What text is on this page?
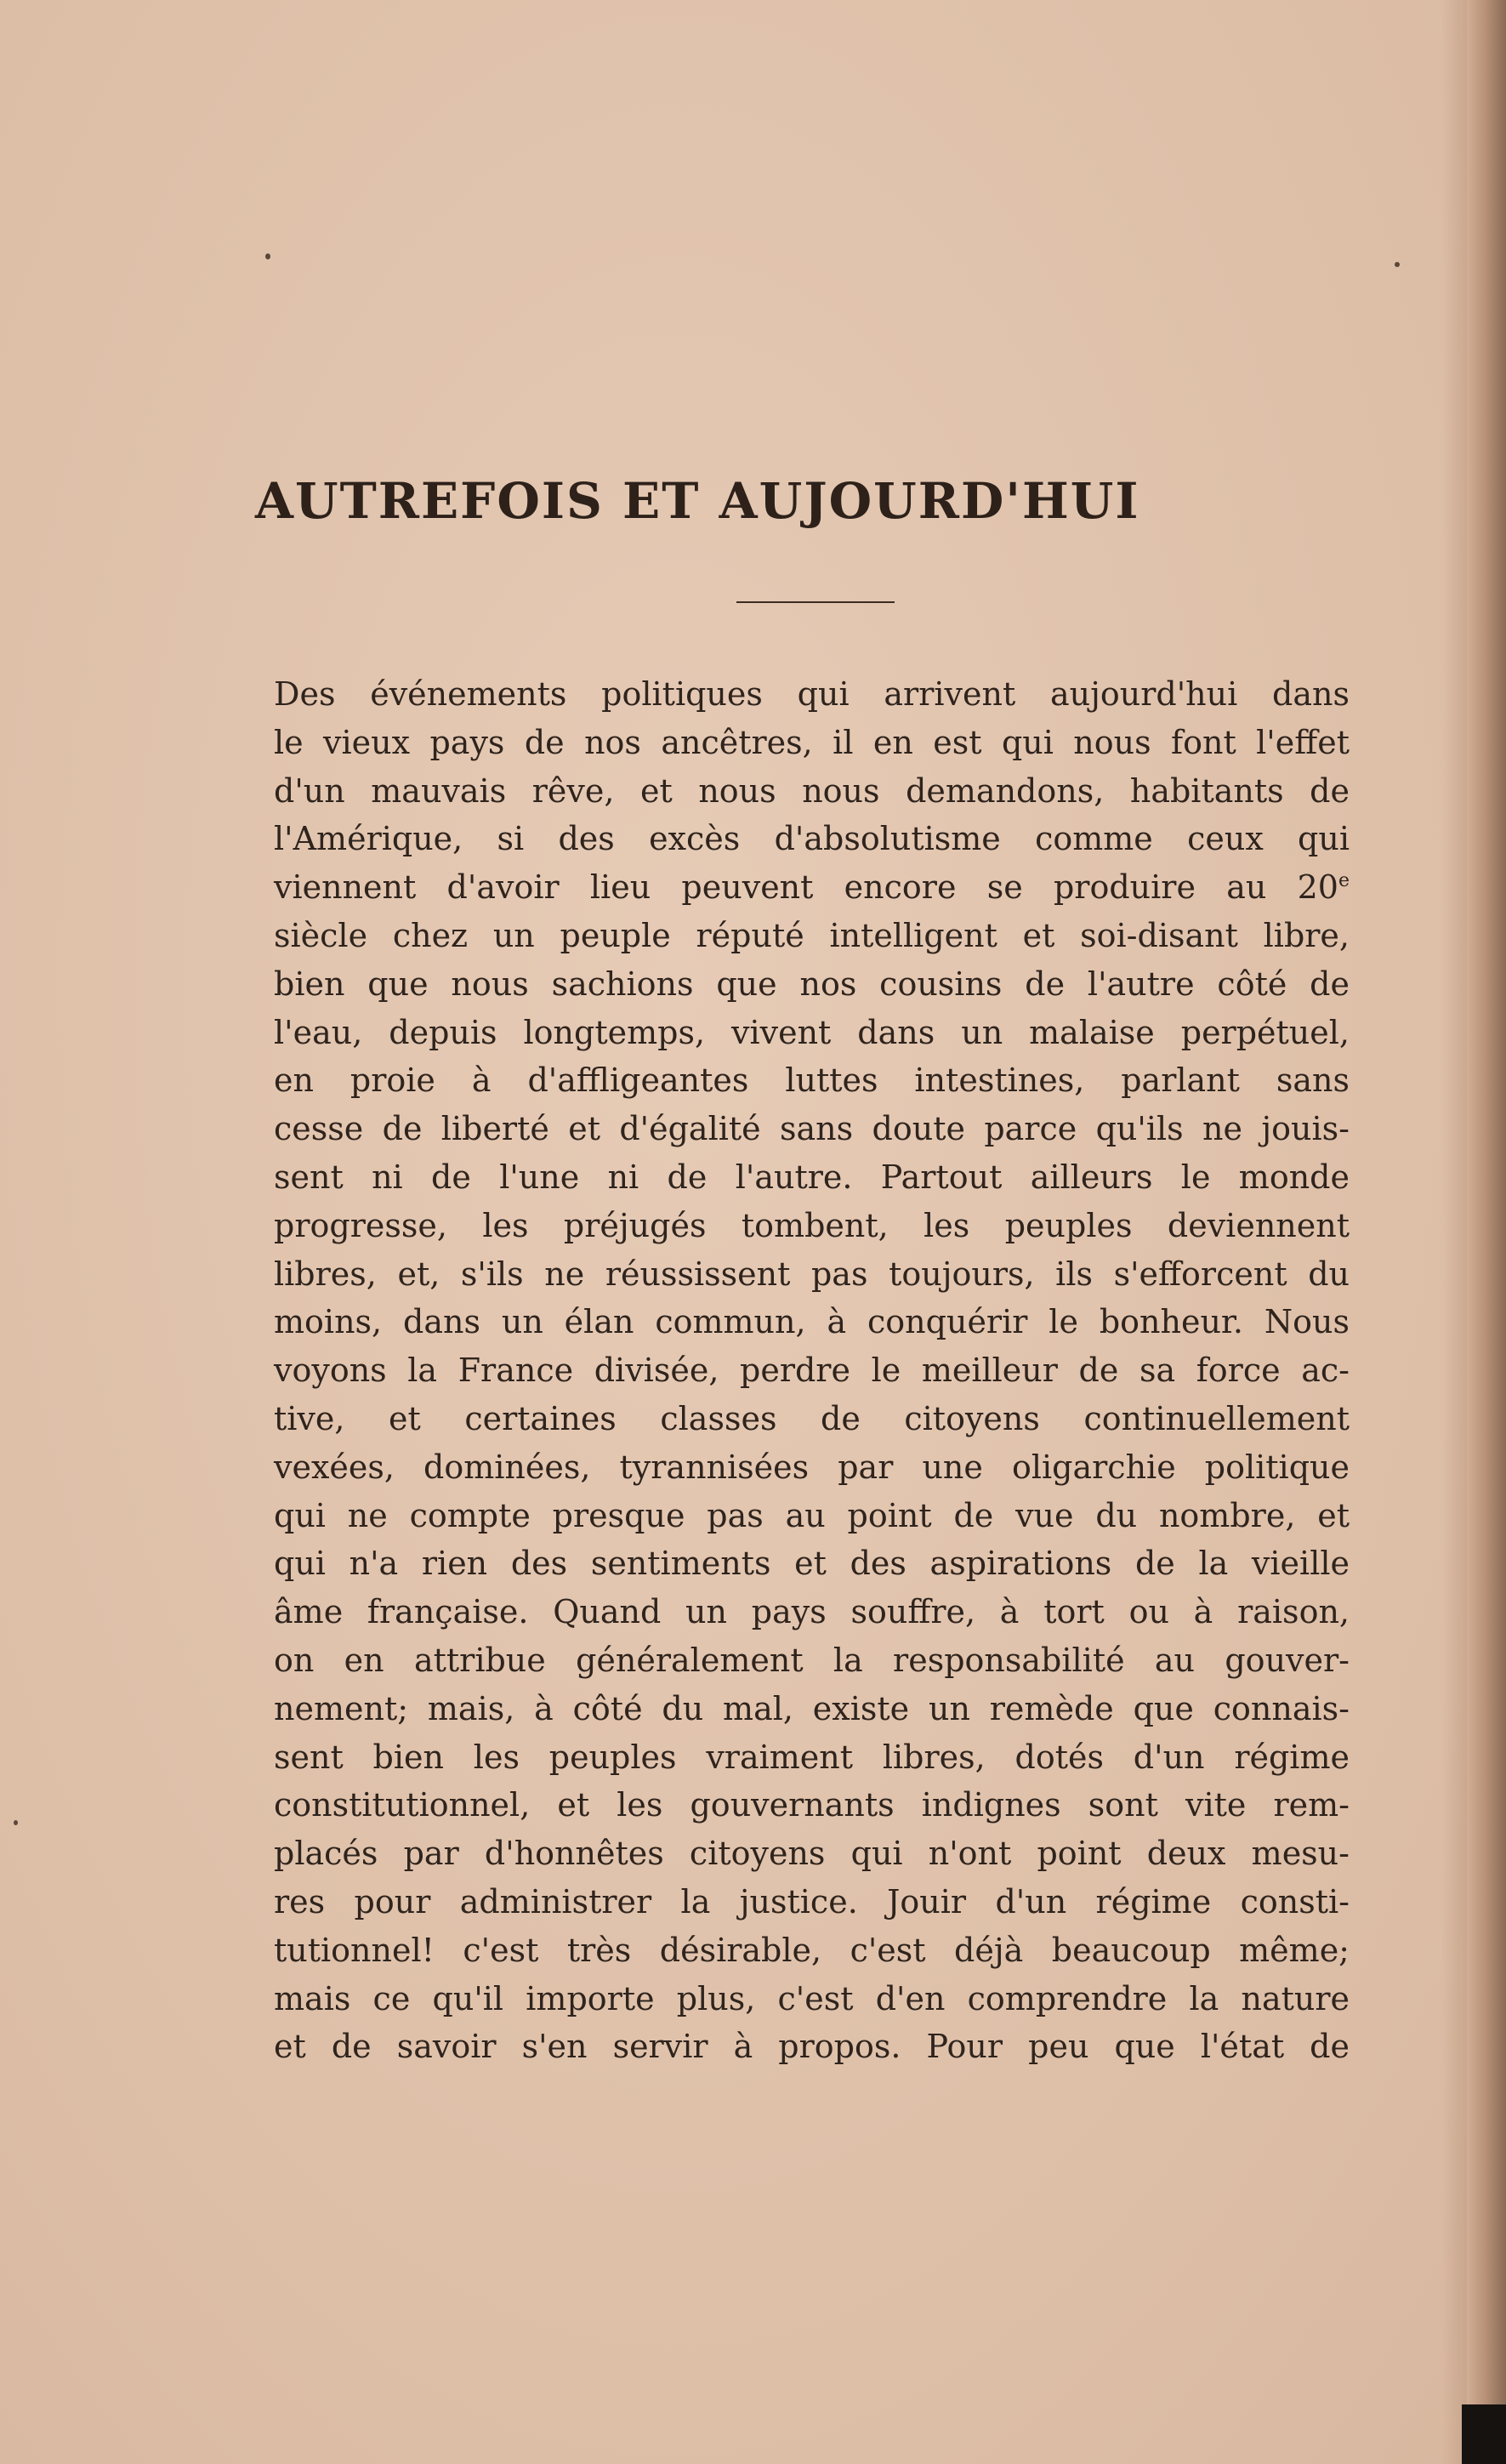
AUTREFOIS ET AUJOURD'HUI
Des événements politiques qui arrivent aujourd'hui dans
le vieux pays de nos ancêtres, il en est qui nous font l'effet
d'un mauvais rêve, et nous nous demandons, habitants de
l'Amérique, si des excès d'absolutisme comme ceux qui
viennent d'avoir lieu peuvent encore se produire au 20e
siècle chez un peuple réputé intelligent et soi-disant libre,
bien que nous sachions que nos cousins de l'autre côté de
l'eau, depuis longtemps, vivent dans un malaise perpétuel,
en proie à d'affligeantes luttes intestines, parlant sans
cesse de liberté et d'égalité sans doute parce qu'ils ne jouis-
sent ni de l'une ni de l'autre. Partout ailleurs le monde
progresse, les préjugés tombent, les peuples deviennent
libres, et, s'ils ne réussissent pas toujours, ils s'efforcent du
moins, dans un élan commun, à conquérir le bonheur. Nous
voyons la France divisée, perdre le meilleur de sa force ac-
tive, et certaines classes de citoyens continuellement
vexées, dominées, tyrannisées par une oligarchie politique
qui ne compte presque pas au point de vue du nombre, et
qui n'a rien des sentiments et des aspirations de la vieille
âme française. Quand un pays souffre, à tort ou à raison,
on en attribue généralement la responsabilité au gouver-
nement; mais, à côté du mal, existe un remède que connais-
sent bien les peuples vraiment libres, dotés d'un régime
constitutionnel, et les gouvernants indignes sont vite rem-
placés par d'honnêtes citoyens qui n'ont point deux mesu-
res pour administrer la justice. Jouir d'un régime consti-
tutionnel! c'est très désirable, c'est déjà beaucoup même;
mais ce qu'il importe plus, c'est d'en comprendre la nature
et de savoir s'en servir à propos. Pour peu que l'état de
